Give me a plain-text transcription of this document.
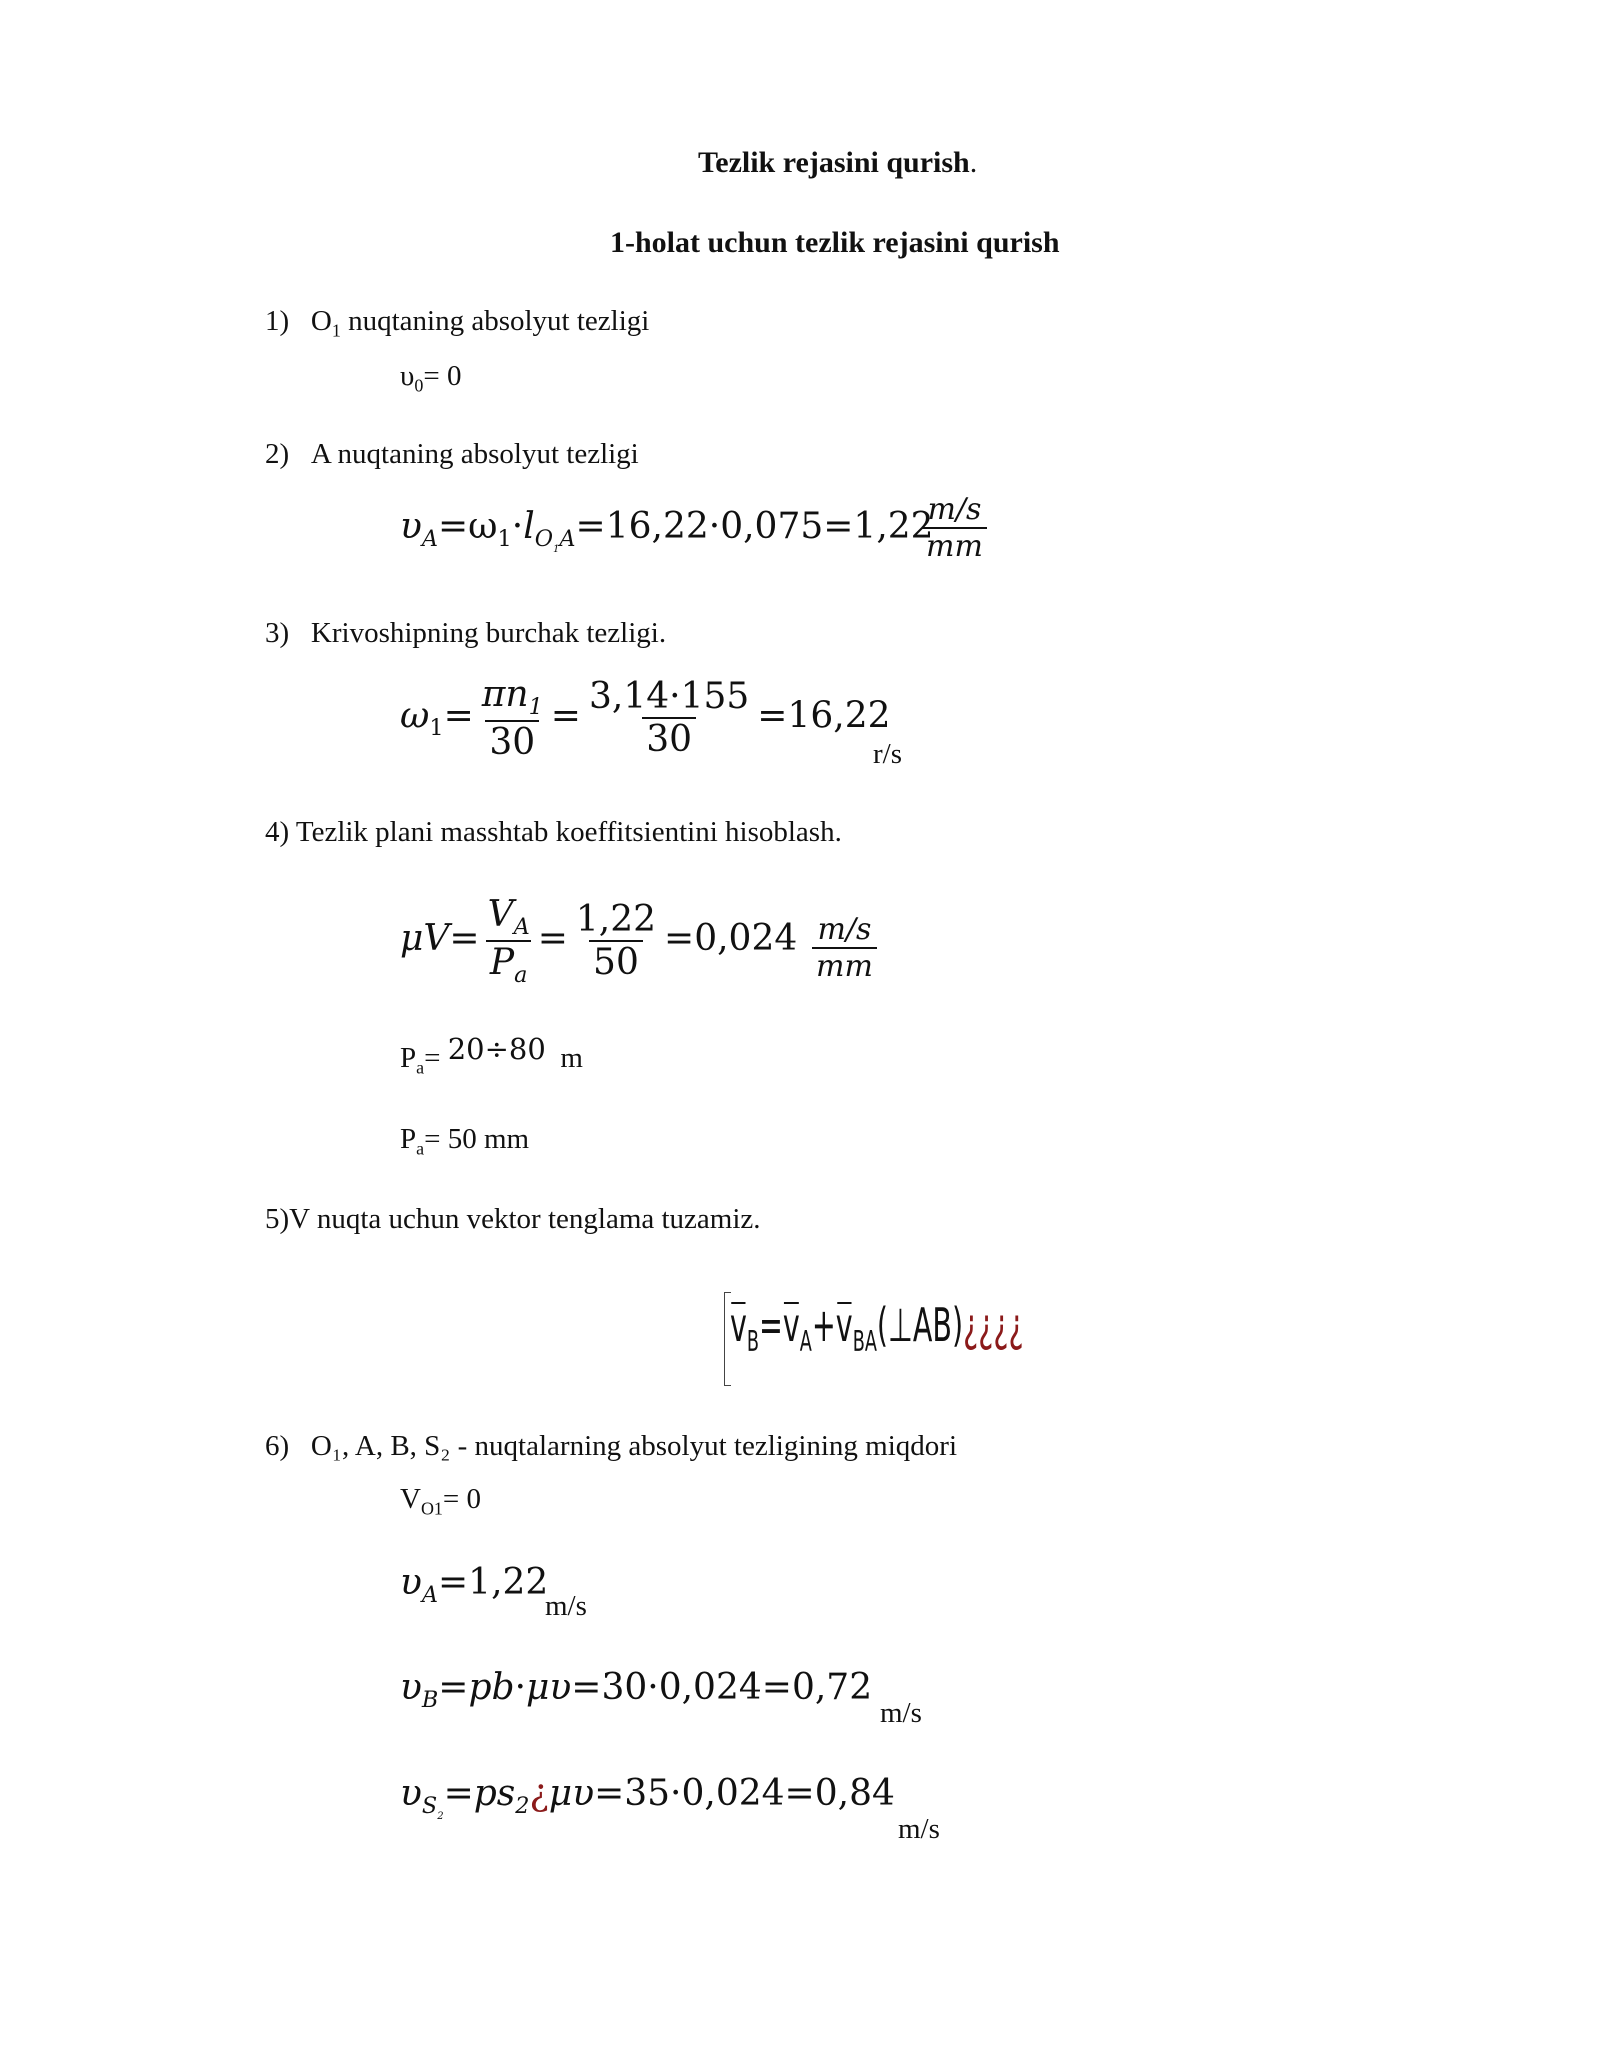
Tezlik rejasini qurish.
1-holat uchun tezlik rejasini qurish
1) $O_1$ nuqtaning absolyut tezligi
$\upsilon_0= 0$
2) A nuqtaning absolyut tezligi
$\upsilon_A=\omega_1\cdot l_{O_1A}=16,22\cdot 0,075=1,22$
$\frac{m/s}{mm}$
3) Krivoshipning burchak tezligi.
$\omega_1= \frac{\pi n_1}{30} = \frac{3,14\cdot 155}{30} =16,22$
r/s
4) Tezlik plani masshtab koeffitsientini hisoblash.
$\mu V= \frac{V_A}{P_a} = \frac{1,22}{50} =0,024 \frac{m/s}{mm}$
$P_a= 20\div 80$ m
$P_a= 50$ mm
5)V nuqta uchun vektor tenglama tuzamiz.
$v_B=v_A+v_{BA}(\perp AB)¿¿¿¿$
6) O₁, A, B, S₂ - nuqtalarning absolyut tezligining miqdori
$V_{O1}= 0$
$\upsilon_A=1,22$
m/s
$\upsilon_B=pb\cdot\mu\upsilon=30\cdot 0,024=0,72$
m/s
$\upsilon_{S_2}=ps_2¿\mu\upsilon=35\cdot 0,024=0,84$
m/s
